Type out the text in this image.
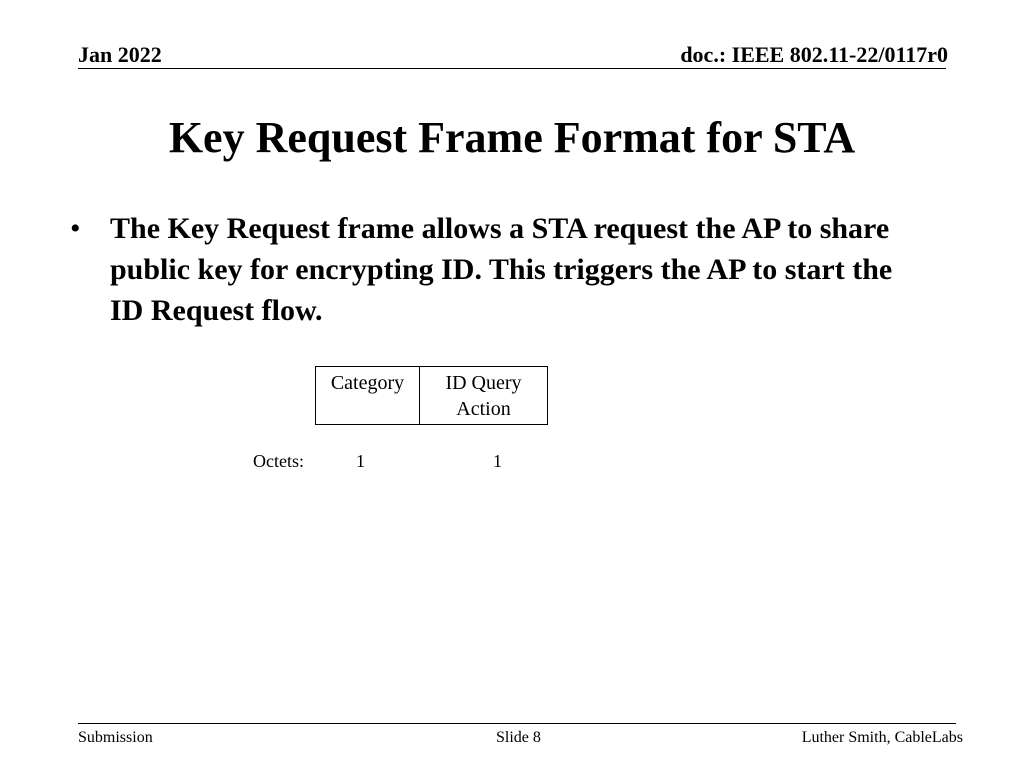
Jan 2022	doc.: IEEE 802.11-22/0117r0
Key Request Frame Format for STA
• The Key Request frame allows a STA request the AP to share public key for encrypting ID. This triggers the AP to start the ID Request flow.
Category	ID Query Action
Octets:	1	1
Submission	Slide 8	Luther Smith, CableLabs
